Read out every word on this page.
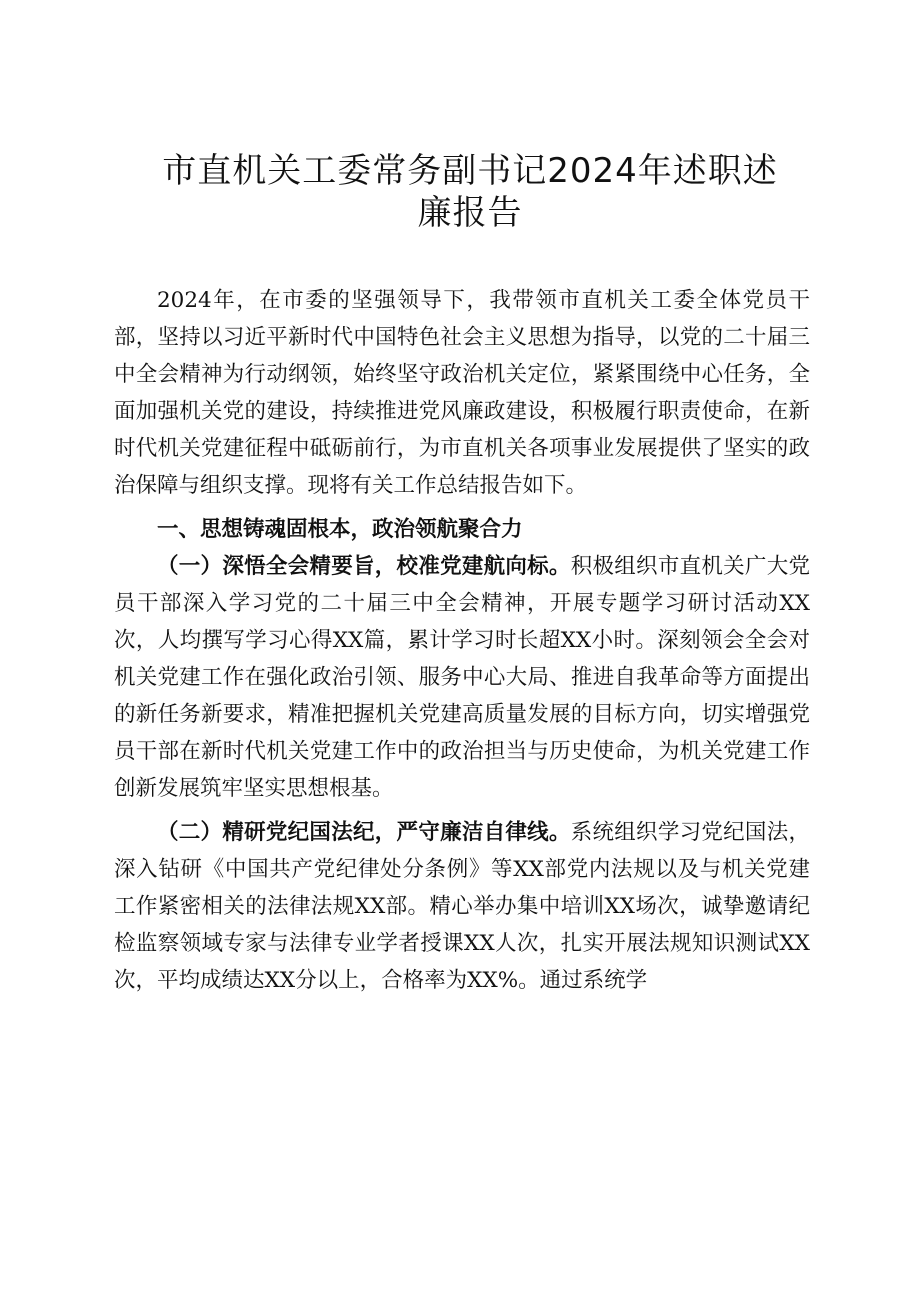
市直机关工委常务副书记2024年述职述廉报告

2024年，在市委的坚强领导下，我带领市直机关工委全体党员干部，坚持以习近平新时代中国特色社会主义思想为指导，以党的二十届三中全会精神为行动纲领，始终坚守政治机关定位，紧紧围绕中心任务，全面加强机关党的建设，持续推进党风廉政建设，积极履行职责使命，在新时代机关党建征程中砥砺前行，为市直机关各项事业发展提供了坚实的政治保障与组织支撑。现将有关工作总结报告如下。

一、思想铸魂固根本，政治领航聚合力

（一）深悟全会精要旨，校准党建航向标。积极组织市直机关广大党员干部深入学习党的二十届三中全会精神，开展专题学习研讨活动XX次，人均撰写学习心得XX篇，累计学习时长超XX小时。深刻领会全会对机关党建工作在强化政治引领、服务中心大局、推进自我革命等方面提出的新任务新要求，精准把握机关党建高质量发展的目标方向，切实增强党员干部在新时代机关党建工作中的政治担当与历史使命，为机关党建工作创新发展筑牢坚实思想根基。

（二）精研党纪国法纪，严守廉洁自律线。系统组织学习党纪国法，深入钻研《中国共产党纪律处分条例》等XX部党内法规以及与机关党建工作紧密相关的法律法规XX部。精心举办集中培训XX场次，诚挚邀请纪检监察领域专家与法律专业学者授课XX人次，扎实开展法规知识测试XX次，平均成绩达XX分以上，合格率为XX%。通过系统学
